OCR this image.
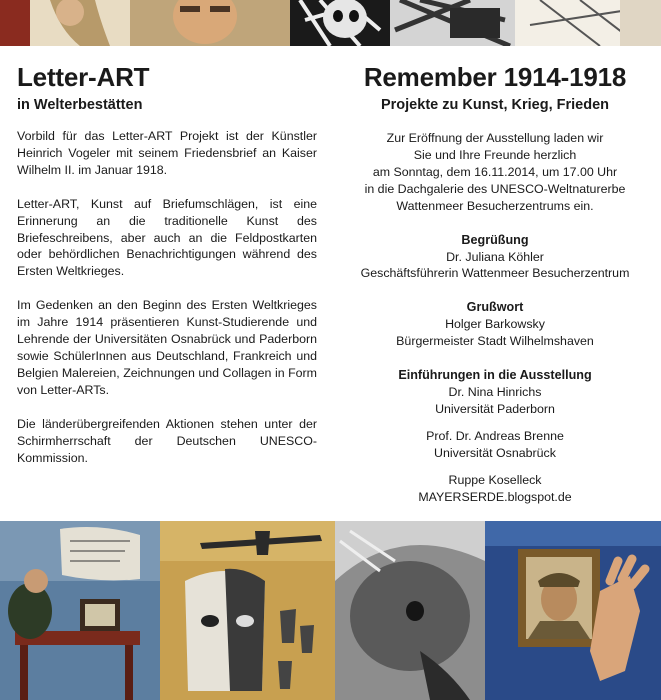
Letter-ART
in Welterbestätten

Vorbild für das Letter-ART Projekt ist der Künstler Heinrich Vogeler mit seinem Friedensbrief an Kaiser Wilhelm II. im Januar 1918.

Letter-ART, Kunst auf Briefumschlägen, ist eine Erinnerung an die traditionelle Kunst des Briefeschreibens, aber auch an die Feldpostkarten oder behördlichen Benachrichtigungen während des Ersten Weltkrieges.

Im Gedenken an den Beginn des Ersten Weltkrieges im Jahre 1914 präsentieren Kunst-Studierende und Lehrende der Universitäten Osnabrück und Paderborn sowie SchülerInnen aus Deutschland, Frankreich und Belgien Malereien, Zeichnungen und Collagen in Form von Letter-ARTs.

Die länderübergreifenden Aktionen stehen unter der Schirmherrschaft der Deutschen UNESCO-Kommission.

Remember 1914-1918
Projekte zu Kunst, Krieg, Frieden

Zur Eröffnung der Ausstellung laden wir

Sie und Ihre Freunde herzlich

am Sonntag, dem 16.11.2014, um 17.00 Uhr

in die Dachgalerie des UNESCO-Weltnaturerbe

Wattenmeer Besucherzentrums ein.

Begrüßung

Dr. Juliana Köhler

Geschäftsführerin Wattenmeer Besucherzentrum

Grußwort

Holger Barkowsky

Bürgermeister Stadt Wilhelmshaven

Einführungen in die Ausstellung

Dr. Nina Hinrichs

Universität Paderborn

Prof. Dr. Andreas Brenne

Universität Osnabrück

Ruppe Koselleck

MAYERSERDE.blogspot.de
